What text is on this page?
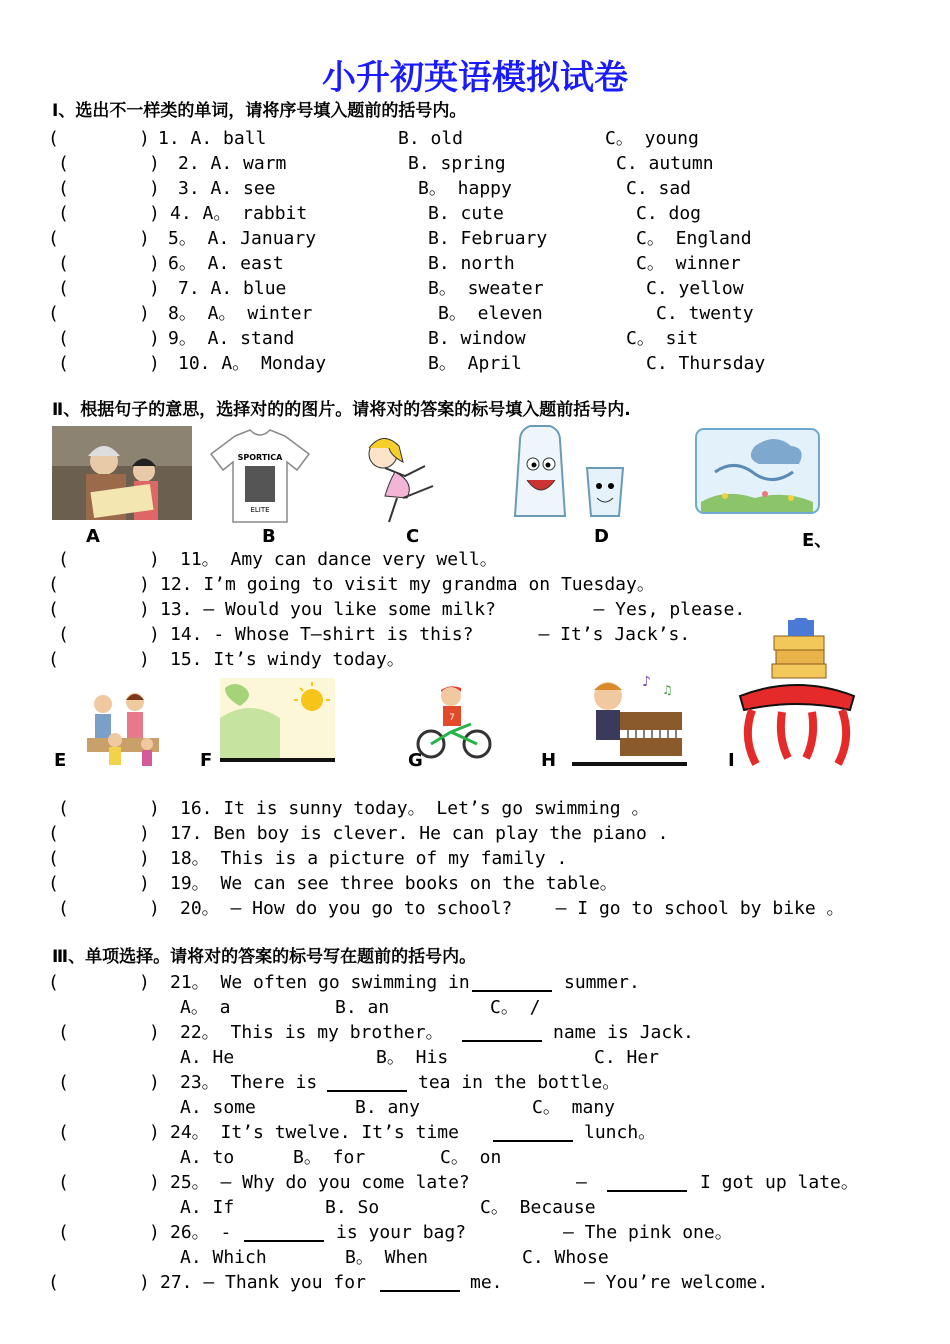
小升初英语模拟试卷
Ⅰ、选出不一样类的单词，请将序号填入题前的括号内。
(	) 1. A. ball	B. old	C。 young
(	) 2. A. warm	B. spring	C. autumn
(	) 3. A. see	B。 happy	C. sad
(	) 4. A。 rabbit	B. cute	C. dog
(	) 5。 A. January	B. February	C。 England
(	) 6。 A. east	B. north	C。 winner
(	) 7. A. blue	B。 sweater	C. yellow
(	) 8。 A。 winter	B。 eleven	C. twenty
(	) 9。 A. stand	B. window	C。 sit
(	) 10. A。 Monday	B。 April	C. Thursday
Ⅱ、根据句子的意思，选择对的的图片。请将对的答案的标号填入题前括号内.
SPORTICA
ELITE
A	B	C	D	E、
(	) 11。 Amy can dance very well。
(	) 12. I’m going to visit my grandma on Tuesday。
(	) 13. — Would you like some milk?         — Yes, please.
(	) 14. - Whose T—shirt is this?      — It’s Jack’s.
(	) 15. It’s windy today。
7
♪ ♫
E	F	G	H	I
(	) 16. It is sunny today。 Let’s go swimming 。
(	) 17. Ben boy is clever. He can play the piano .
(	) 18。 This is a picture of my family .
(	) 19。 We can see three books on the table。
(	) 20。 — How do you go to school?    — I go to school by bike 。
Ⅲ、单项选择。请将对的答案的标号写在题前的括号内。
(	) 21。 We often go swimming in	summer.
A。 a	B. an	C。 /
(	) 22。 This is my brother。	name is Jack.
A. He	B。 His	C. Her
(	) 23。 There is	tea in the bottle。
A. some	B. any	C。 many
(	) 24。 It’s twelve. It’s time	lunch。
A. to	B。 for	C。 on
(	) 25。 — Why do you come late?	—	I got up late。
A. If	B. So	C。 Because
(	) 26。 -	is your bag?	— The pink one。
A. Which	B。 When	C. Whose
(	) 27. — Thank you for	me.	— You’re welcome.
